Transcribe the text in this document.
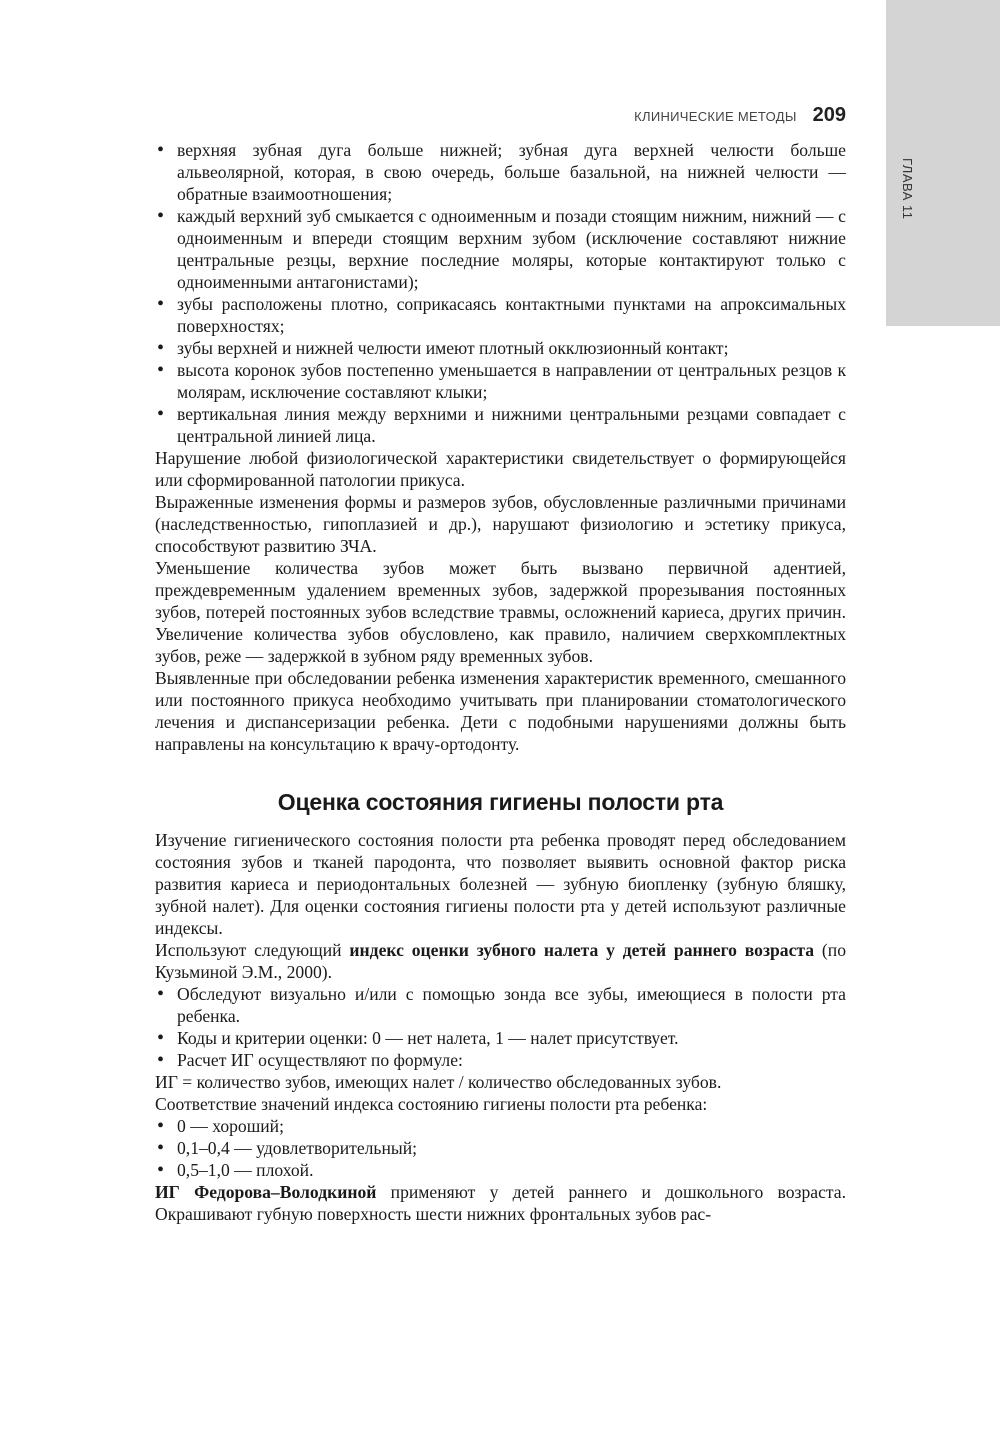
ГЛАВА 11
КЛИНИЧЕСКИЕ МЕТОДЫ 209
• верхняя зубная дуга больше нижней; зубная дуга верхней челюсти больше альвеолярной, которая, в свою очередь, больше базальной, на нижней челюсти — обратные взаимоотношения;
• каждый верхний зуб смыкается с одноименным и позади стоящим нижним, нижний — с одноименным и впереди стоящим верхним зубом (исключение составляют нижние центральные резцы, верхние последние моляры, которые контактируют только с одноименными антагонистами);
• зубы расположены плотно, соприкасаясь контактными пунктами на апроксимальных поверхностях;
• зубы верхней и нижней челюсти имеют плотный окклюзионный контакт;
• высота коронок зубов постепенно уменьшается в направлении от центральных резцов к молярам, исключение составляют клыки;
• вертикальная линия между верхними и нижними центральными резцами совпадает с центральной линией лица.

Нарушение любой физиологической характеристики свидетельствует о формирующейся или сформированной патологии прикуса.

Выраженные изменения формы и размеров зубов, обусловленные различными причинами (наследственностью, гипоплазией и др.), нарушают физиологию и эстетику прикуса, способствуют развитию ЗЧА.

Уменьшение количества зубов может быть вызвано первичной адентией, преждевременным удалением временных зубов, задержкой прорезывания постоянных зубов, потерей постоянных зубов вследствие травмы, осложнений кариеса, других причин. Увеличение количества зубов обусловлено, как правило, наличием сверхкомплектных зубов, реже — задержкой в зубном ряду временных зубов.

Выявленные при обследовании ребенка изменения характеристик временного, смешанного или постоянного прикуса необходимо учитывать при планировании стоматологического лечения и диспансеризации ребенка. Дети с подобными нарушениями должны быть направлены на консультацию к врачу-ортодонту.

Оценка состояния гигиены полости рта

Изучение гигиенического состояния полости рта ребенка проводят перед обследованием состояния зубов и тканей пародонта, что позволяет выявить основной фактор риска развития кариеса и периодонтальных болезней — зубную биопленку (зубную бляшку, зубной налет). Для оценки состояния гигиены полости рта у детей используют различные индексы.

Используют следующий индекс оценки зубного налета у детей раннего возраста (по Кузьминой Э.М., 2000).

• Обследуют визуально и/или с помощью зонда все зубы, имеющиеся в полости рта ребенка.
• Коды и критерии оценки: 0 — нет налета, 1 — налет присутствует.
• Расчет ИГ осуществляют по формуле:

ИГ = количество зубов, имеющих налет / количество обследованных зубов.

Соответствие значений индекса состоянию гигиены полости рта ребенка:

• 0 — хороший;
• 0,1–0,4 — удовлетворительный;
• 0,5–1,0 — плохой.

ИГ Федорова–Володкиной применяют у детей раннего и дошкольного возраста. Окрашивают губную поверхность шести нижних фронтальных зубов рас-
